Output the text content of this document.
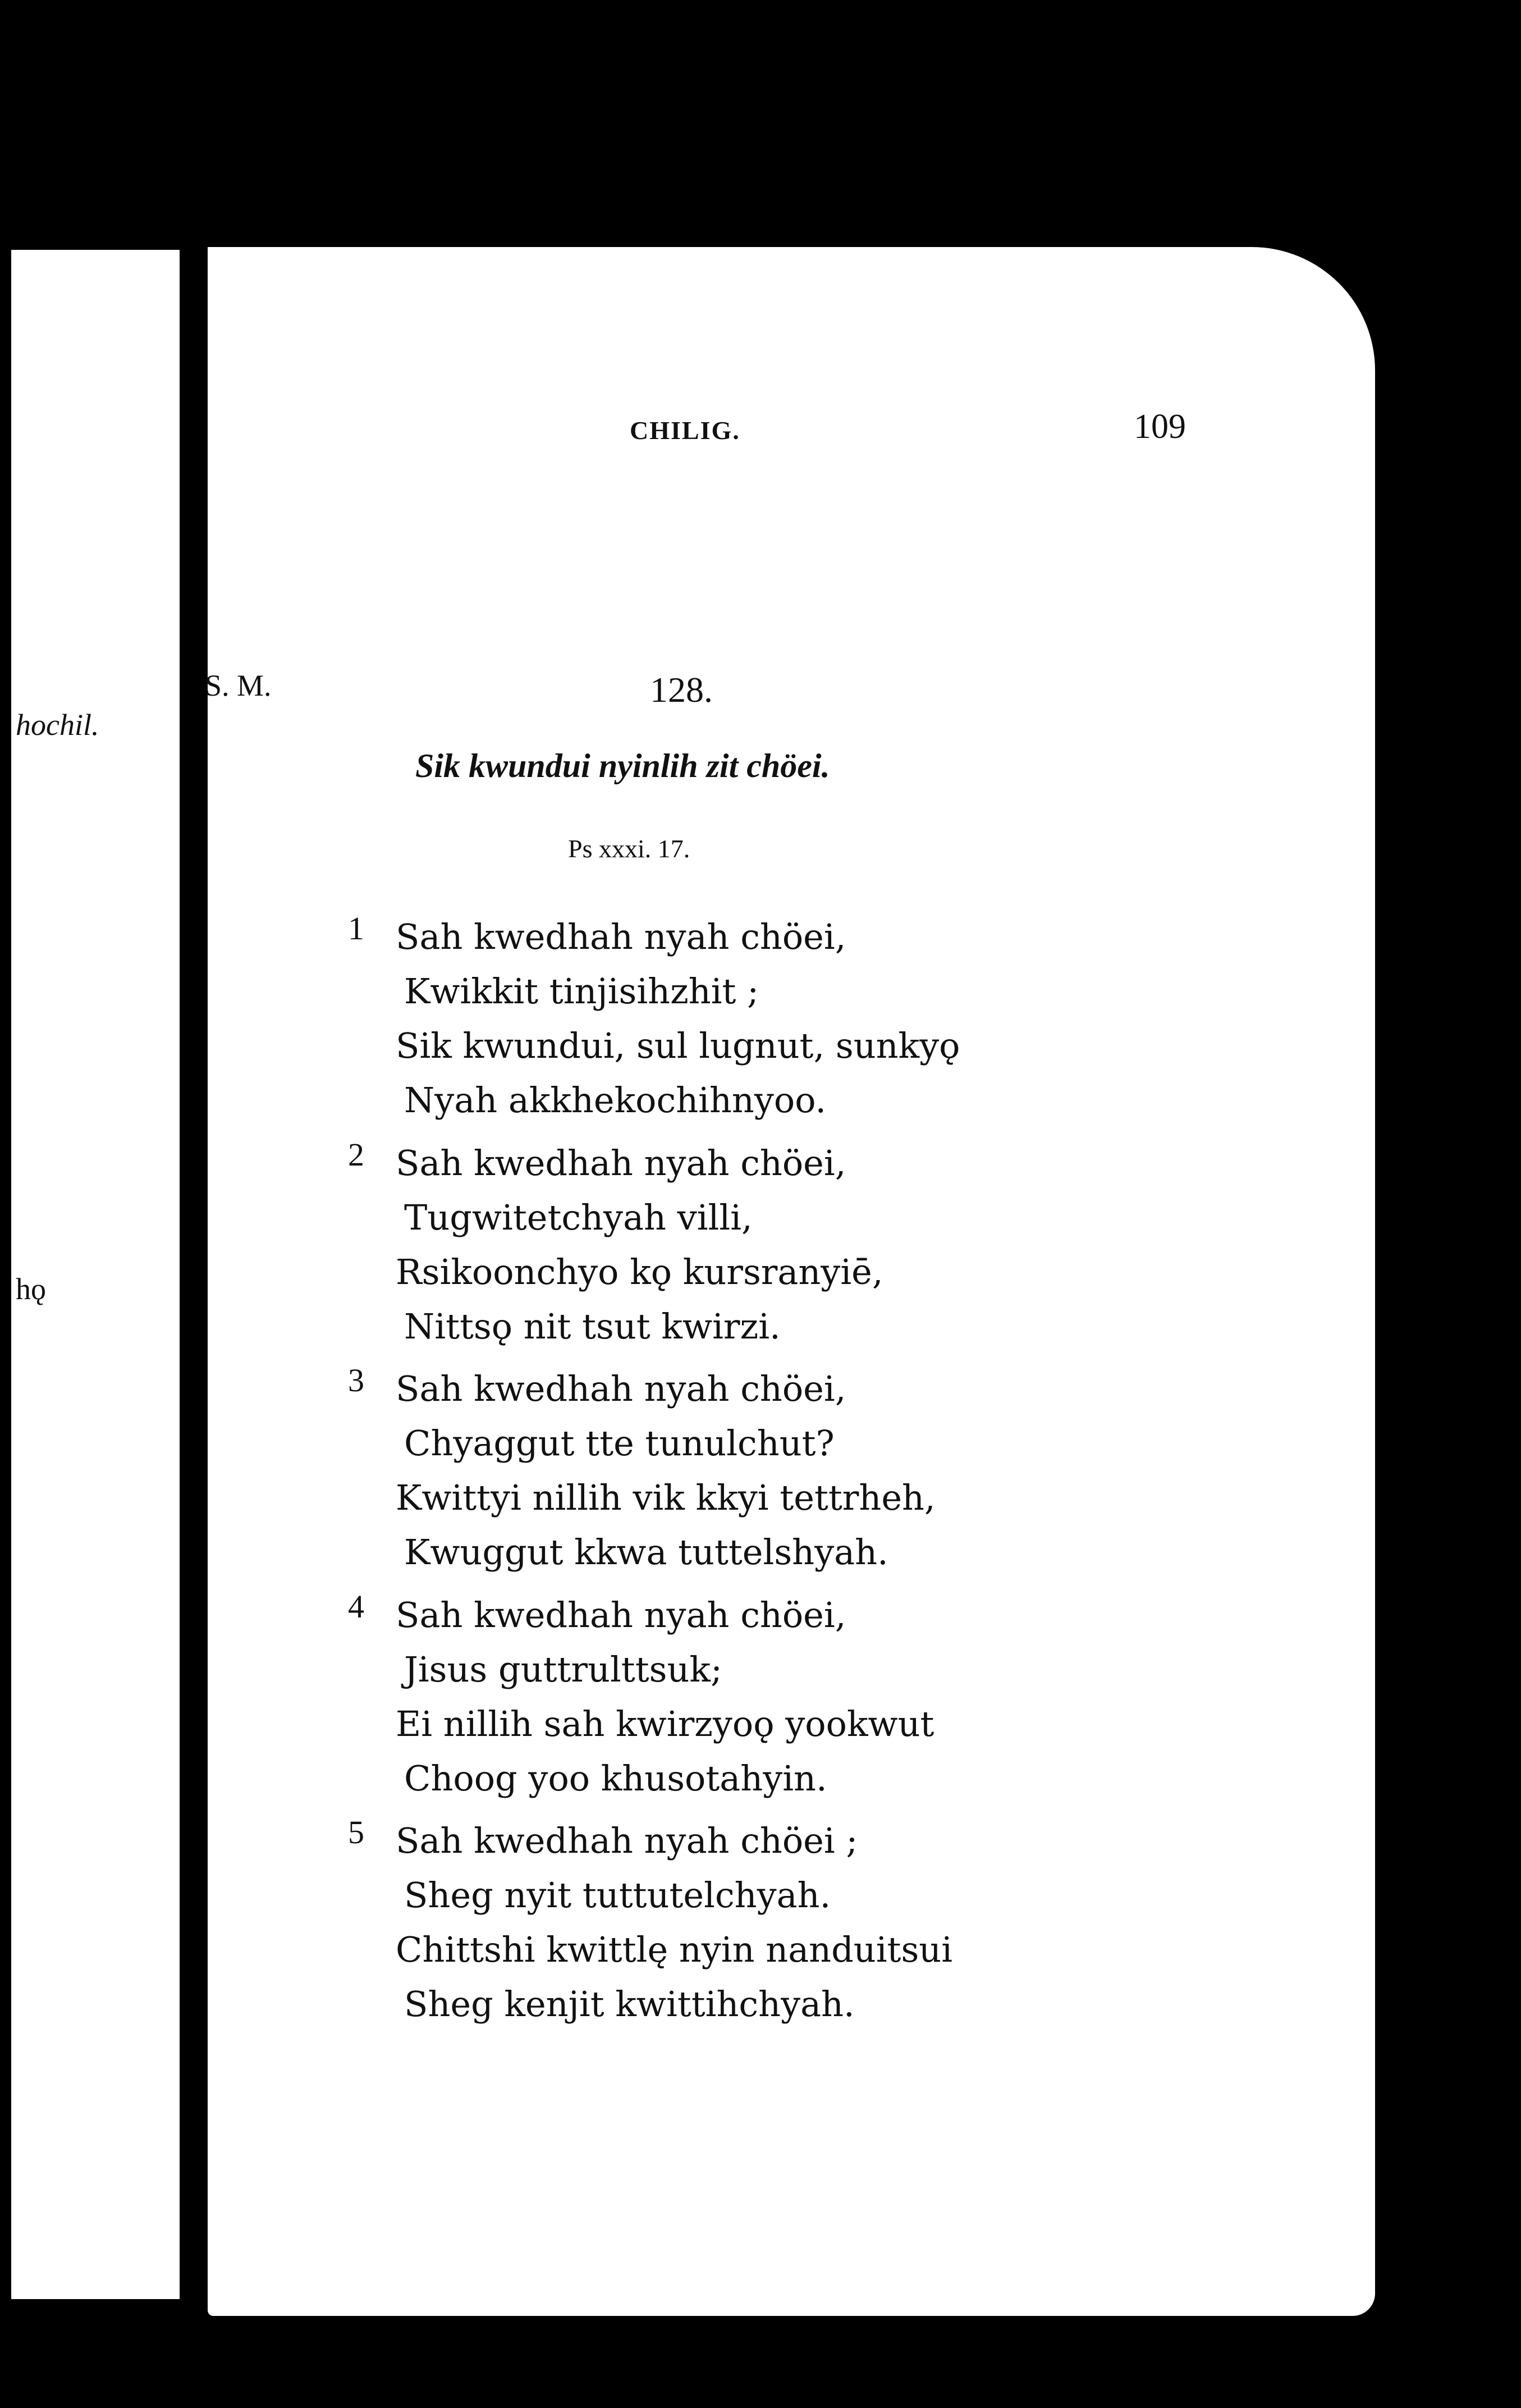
hochil.
hǫ
CHILIG.	109
S. M.	128.
Sik kwundui nyinlih zit chöei.
Ps xxxi. 17.
1 Sah kwedhah nyah chöei,
Kwikkit tinjisihzhit ;
Sik kwundui, sul lugnut, sunkyǫ
Nyah akkhekochihnyoo.
2 Sah kwedhah nyah chöei,
Tugwitetchyah villi,
Rsikoonchyo kǫ kursranyiē,
Nittsǫ nit tsut kwirzi.
3 Sah kwedhah nyah chöei,
Chyaggut tte tunulchut?
Kwittyi nillih vik kkyi tettrheh,
Kwuggut kkwa tuttelshyah.
4 Sah kwedhah nyah chöei,
Jisus guttrulttsuk;
Ei nillih sah kwirzyoǫ yookwut
Choog yoo khusotahyin.
5 Sah kwedhah nyah chöei ;
Sheg nyit tuttutelchyah.
Chittshi kwittlę nyin nanduitsui
Sheg kenjit kwittihchyah.
